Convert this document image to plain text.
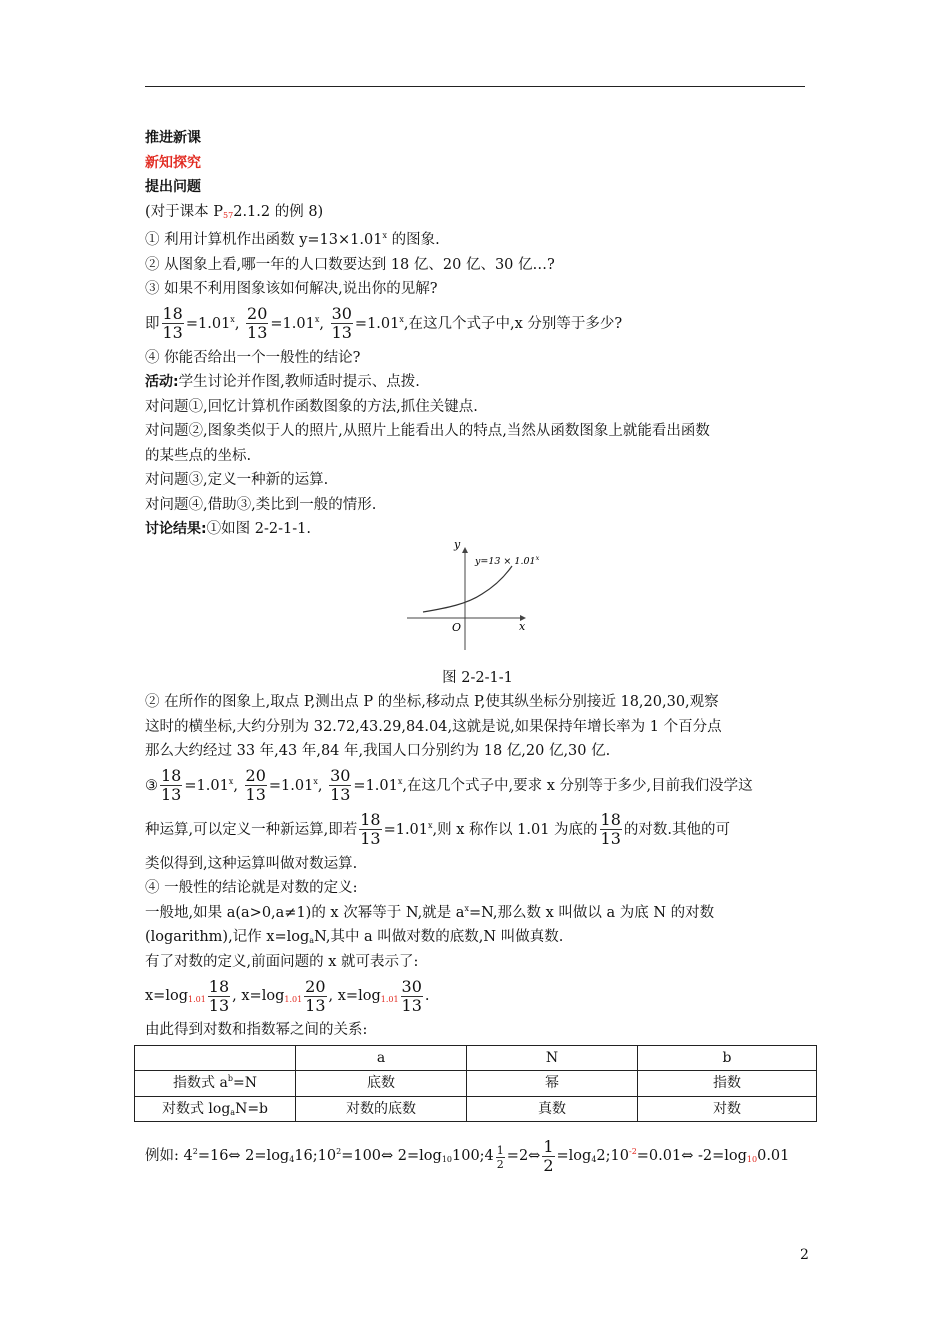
推进新课
新知探究
提出问题
(对于课本 P572.1.2 的例 8)
① 利用计算机作出函数 $y=13\times 1.01^x$ 的图象.
② 从图象上看,哪一年的人口数要达到 18 亿、20 亿、30 亿…?
③ 如果不利用图象该如何解决,说出你的见解?
即 $\frac{18}{13} =1.01^x$, $\frac{20}{13} =1.01^x$, $\frac{30}{13} =1.01^x$,在这几个式子中,x 分别等于多少?
④ 你能否给出一个一般性的结论?
活动:学生讨论并作图,教师适时提示、点拨.
对问题①,回忆计算机作函数图象的方法,抓住关键点.
对问题②,图象类似于人的照片,从照片上能看出人的特点,当然从函数图象上就能看出函数
的某些点的坐标.
对问题③,定义一种新的运算.
对问题④,借助③,类比到一般的情形.
讨论结果:①如图 2-2-1-1.
y
x
O
$y=13 \times 1.01^x$
图 2-2-1-1
② 在所作的图象上,取点 P,测出点 P 的坐标,移动点 P,使其纵坐标分别接近 18,20,30,观察
这时的横坐标,大约分别为 32.72,43.29,84.04,这就是说,如果保持年增长率为 1 个百分点
那么大约经过 33 年,43 年,84 年,我国人口分别约为 18 亿,20 亿,30 亿.
③ $\frac{18}{13} =1.01^x$, $\frac{20}{13} =1.01^x$, $\frac{30}{13} =1.01^x$,在这几个式子中,要求 x 分别等于多少,目前我们没学这
种运算,可以定义一种新运算,即若 $\frac{18}{13} =1.01^x$,则 x 称作以 1.01 为底的 $\frac{18}{13}$ 的对数.其他的可
类似得到,这种运算叫做对数运算.
④ 一般性的结论就是对数的定义:
一般地,如果 a(a>0,a≠1)的 x 次幂等于 N,就是 $a^x=N$,那么数 x 叫做以 a 为底 N 的对数
(logarithm),记作 $x=\log_aN$,其中 a 叫做对数的底数,N 叫做真数.
有了对数的定义,前面问题的 x 就可表示了:
$x=\log 1.01 \frac{18}{13}$ , $x=\log 1.01 \frac{20}{13}$ , $x=\log 1.01 \frac{30}{13}$ .
由此得到对数和指数幂之间的关系:
	a	N	b
指数式 $a^b=N$	底数	幂	指数
对数式 $\log_aN=b$	对数的底数	真数	对数
例如: $4^2=16\Leftrightarrow$ $2=\log_416;10^2=100\Leftrightarrow$ $2=\log_{10}100;4 \frac{1}{2}$ =2⇔ $\frac{1}{2}$ $=\log_42;10^{-2}=0.01\Leftrightarrow$ -2=log100.01
2
